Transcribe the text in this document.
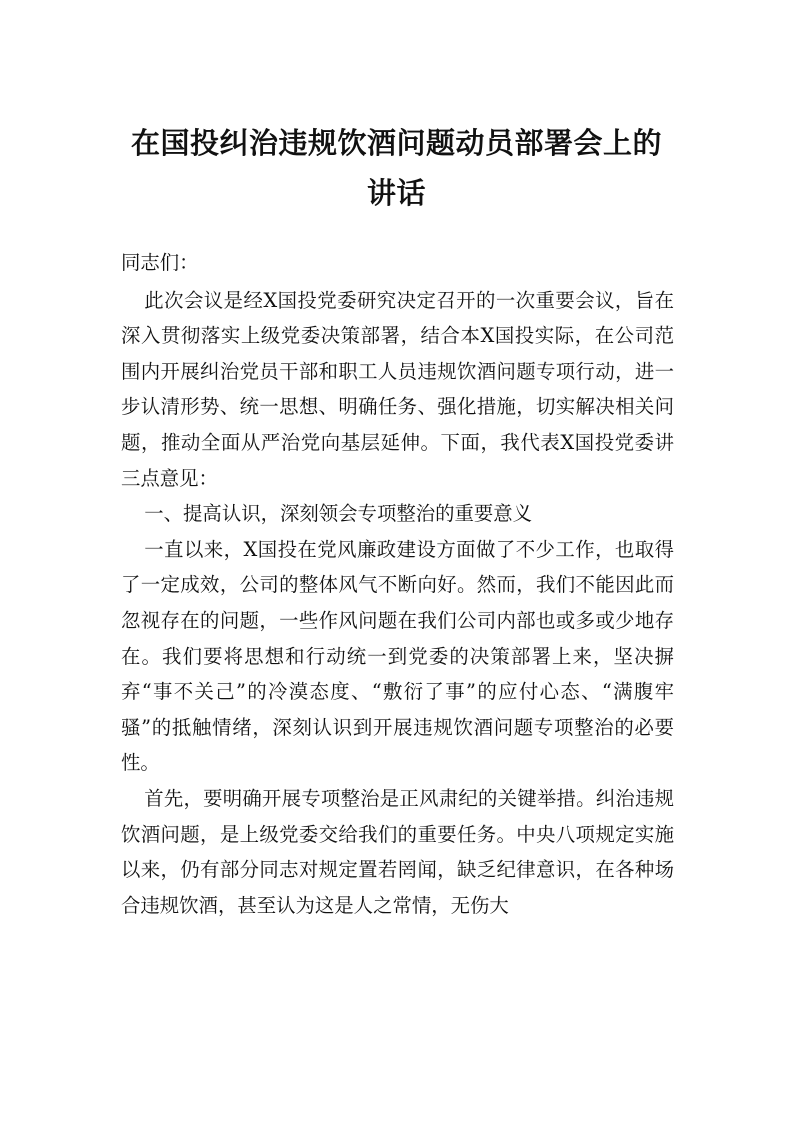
在国投纠治违规饮酒问题动员部署会上的
讲话

同志们：

此次会议是经X国投党委研究决定召开的一次重要会议，旨在深入贯彻落实上级党委决策部署，结合本X国投实际，在公司范围内开展纠治党员干部和职工人员违规饮酒问题专项行动，进一步认清形势、统一思想、明确任务、强化措施，切实解决相关问题，推动全面从严治党向基层延伸。下面，我代表X国投党委讲三点意见：

一、提高认识，深刻领会专项整治的重要意义

一直以来，X国投在党风廉政建设方面做了不少工作，也取得了一定成效，公司的整体风气不断向好。然而，我们不能因此而忽视存在的问题，一些作风问题在我们公司内部也或多或少地存在。我们要将思想和行动统一到党委的决策部署上来，坚决摒弃“事不关己”的冷漠态度、“敷衍了事”的应付心态、“满腹牢骚”的抵触情绪，深刻认识到开展违规饮酒问题专项整治的必要性。

首先，要明确开展专项整治是正风肃纪的关键举措。纠治违规饮酒问题，是上级党委交给我们的重要任务。中央八项规定实施以来，仍有部分同志对规定置若罔闻，缺乏纪律意识，在各种场合违规饮酒，甚至认为这是人之常情，无伤大
